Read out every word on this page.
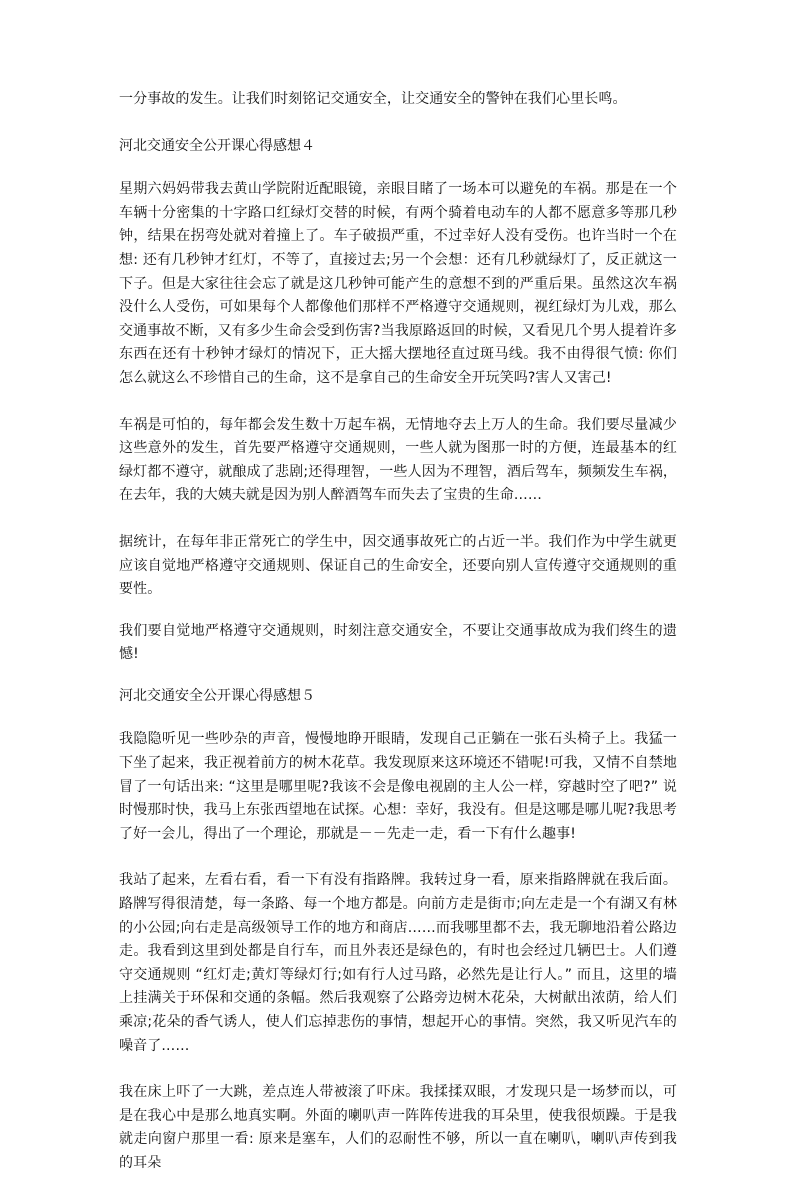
一分事故的发生。让我们时刻铭记交通安全，让交通安全的警钟在我们心里长鸣。

河北交通安全公开课心得感想４

星期六妈妈带我去黄山学院附近配眼镜，亲眼目睹了一场本可以避免的车祸。那是在一个车辆十分密集的十字路口红绿灯交替的时候，有两个骑着电动车的人都不愿意多等那几秒钟，结果在拐弯处就对着撞上了。车子破损严重，不过幸好人没有受伤。也许当时一个在想: 还有几秒钟才红灯，不等了，直接过去;另一个会想：还有几秒就绿灯了，反正就这一下子。但是大家往往会忘了就是这几秒钟可能产生的意想不到的严重后果。虽然这次车祸没什么人受伤，可如果每个人都像他们那样不严格遵守交通规则，视红绿灯为儿戏，那么交通事故不断，又有多少生命会受到伤害?当我原路返回的时候，又看见几个男人提着许多东西在还有十秒钟才绿灯的情况下，正大摇大摆地径直过斑马线。我不由得很气愤: 你们怎么就这么不珍惜自己的生命，这不是拿自己的生命安全开玩笑吗?害人又害己!

车祸是可怕的，每年都会发生数十万起车祸，无情地夺去上万人的生命。我们要尽量减少这些意外的发生，首先要严格遵守交通规则，一些人就为图那一时的方便，连最基本的红绿灯都不遵守，就酿成了悲剧;还得理智，一些人因为不理智，酒后驾车，频频发生车祸，在去年，我的大姨夫就是因为别人醉酒驾车而失去了宝贵的生命……

据统计，在每年非正常死亡的学生中，因交通事故死亡的占近一半。我们作为中学生就更应该自觉地严格遵守交通规则、保证自己的生命安全，还要向别人宣传遵守交通规则的重要性。

我们要自觉地严格遵守交通规则，时刻注意交通安全，不要让交通事故成为我们终生的遗憾!

河北交通安全公开课心得感想５

我隐隐听见一些吵杂的声音，慢慢地睁开眼睛，发现自己正躺在一张石头椅子上。我猛一下坐了起来，我正视着前方的树木花草。我发现原来这环境还不错呢!可我，又情不自禁地冒了一句话出来: “这里是哪里呢?我该不会是像电视剧的主人公一样，穿越时空了吧?” 说时慢那时快，我马上东张西望地在试探。心想：幸好，我没有。但是这哪是哪儿呢?我思考了好一会儿，得出了一个理论，那就是－－先走一走，看一下有什么趣事!

我站了起来，左看右看，看一下有没有指路牌。我转过身一看，原来指路牌就在我后面。路牌写得很清楚，每一条路、每一个地方都是。向前方走是街市;向左走是一个有湖又有林的小公园;向右走是高级领导工作的地方和商店……而我哪里都不去，我无聊地沿着公路边走。我看到这里到处都是自行车，而且外表还是绿色的，有时也会经过几辆巴士。人们遵守交通规则 “红灯走;黄灯等绿灯行;如有行人过马路，必然先是让行人。” 而且，这里的墙上挂满关于环保和交通的条幅。然后我观察了公路旁边树木花朵，大树献出浓荫，给人们乘凉;花朵的香气诱人，使人们忘掉悲伤的事情，想起开心的事情。突然，我又听见汽车的噪音了……

我在床上吓了一大跳，差点连人带被滚了吓床。我揉揉双眼，才发现只是一场梦而以，可是在我心中是那么地真实啊。外面的喇叭声一阵阵传进我的耳朵里，使我很烦躁。于是我就走向窗户那里一看: 原来是塞车，人们的忍耐性不够，所以一直在喇叭，喇叭声传到我的耳朵
